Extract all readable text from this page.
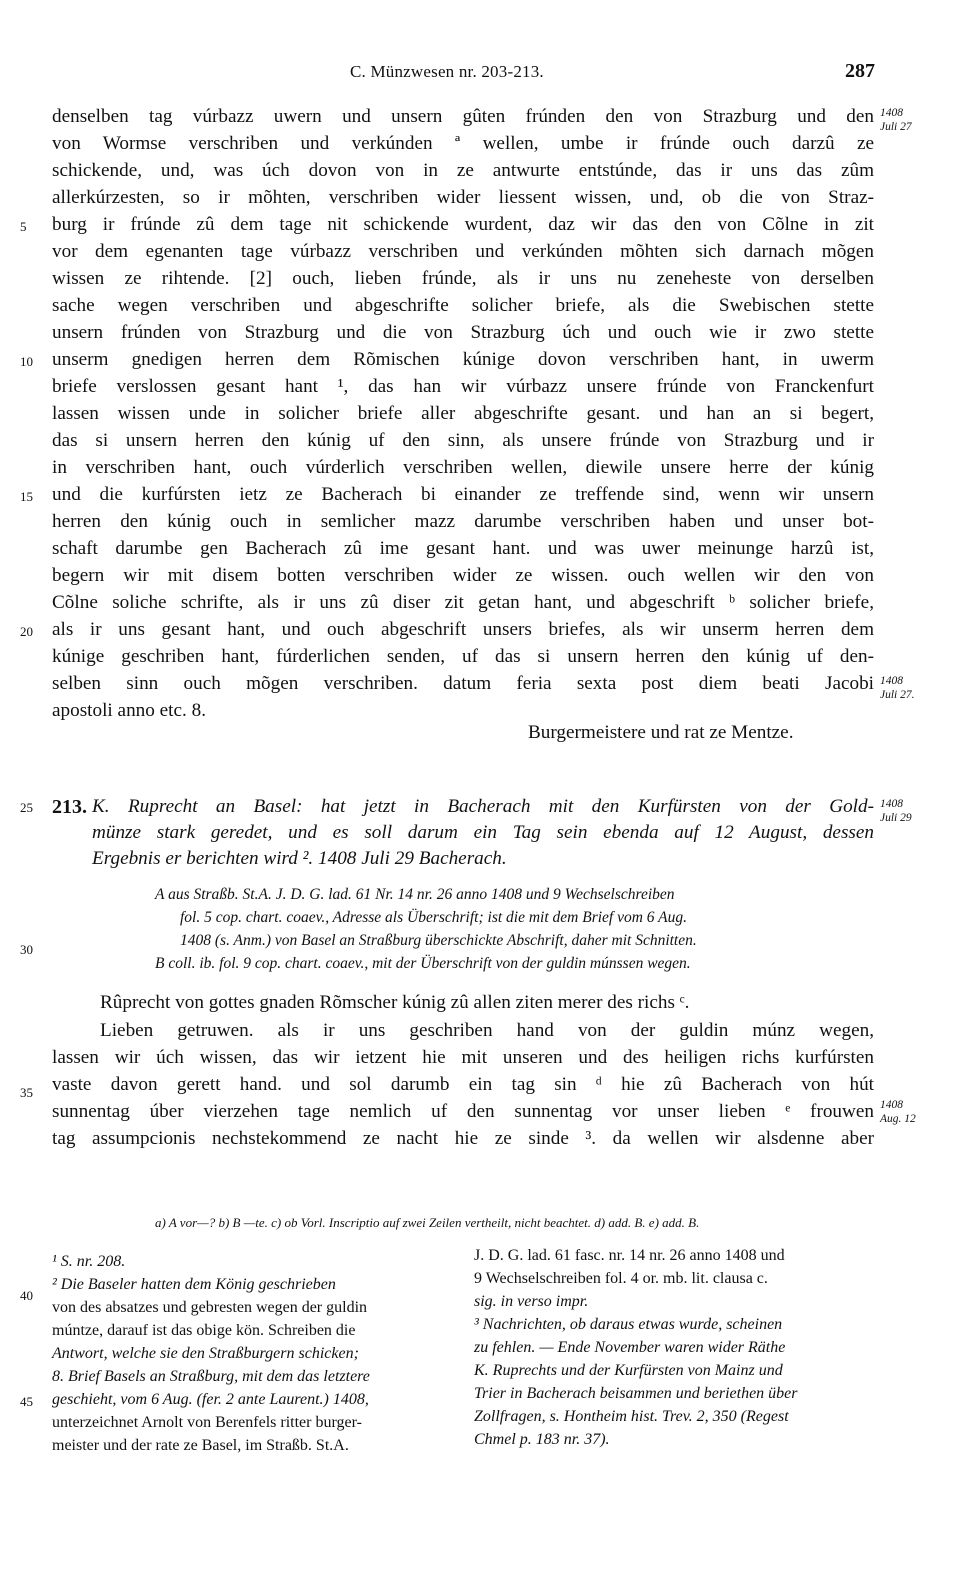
C. Münzwesen nr. 203-213.	287
denselben tag vúrbazz uwern und unsern gûten frúnden den von Strazburg und den
von Wormse verschriben und verkúnden ª wellen, umbe ir frúnde ouch darzû ze
schickende, und, was úch dovon von in ze antwurte entstúnde, das ir uns das zûm
allerkúrzesten, so ir mõhten, verschriben wider liessent wissen, und, ob die von Straz-
burg ir frúnde zû dem tage nit schickende wurdent, daz wir das den von Cõlne in zit
vor dem egenanten tage vúrbazz verschriben und verkúnden mõhten sich darnach mõgen
wissen ze rihtende. [2] ouch, lieben frúnde, als ir uns nu zeneheste von derselben
sache wegen verschriben und abgeschrifte solicher briefe, als die Swebischen stette
unsern frúnden von Strazburg und die von Strazburg úch und ouch wie ir zwo stette
unserm gnedigen herren dem Rõmischen kúnige dovon verschriben hant, in uwerm
briefe verslossen gesant hant ¹, das han wir vúrbazz unsere frúnde von Franckenfurt
lassen wissen unde in solicher briefe aller abgeschrifte gesant. und han an si begert,
das si unsern herren den kúnig uf den sinn, als unsere frúnde von Strazburg und ir
in verschriben hant, ouch vúrderlich verschriben wellen, diewile unsere herre der kúnig
und die kurfúrsten ietz ze Bacherach bi einander ze treffende sind, wenn wir unsern
herren den kúnig ouch in semlicher mazz darumbe verschriben haben und unser bot-
schaft darumbe gen Bacherach zû ime gesant hant. und was uwer meinunge harzû ist,
begern wir mit disem botten verschriben wider ze wissen. ouch wellen wir den von
Cõlne soliche schrifte, als ir uns zû diser zit getan hant, und abgeschrift ᵇ solicher briefe,
als ir uns gesant hant, und ouch abgeschrift unsers briefes, als wir unserm herren dem
kúnige geschriben hant, fúrderlichen senden, uf das si unsern herren den kúnig uf den-
selben sinn ouch mõgen verschriben. datum feria sexta post diem beati Jacobi
apostoli anno etc. 8.
Burgermeistere und rat ze Mentze.
5
10
15
20
25
30
35
40
45
1408
Juli 27
1408
Juli 27.
1408
Juli 29
1408
Aug. 12
213. K. Ruprecht an Basel: hat jetzt in Bacherach mit den Kurfürsten von der Gold-
münze stark geredet, und es soll darum ein Tag sein ebenda auf 12 August, dessen
Ergebnis er berichten wird ². 1408 Juli 29 Bacherach.
A aus Straßb. St.A. J. D. G. lad. 61 Nr. 14 nr. 26 anno 1408 und 9 Wechselschreiben
fol. 5 cop. chart. coaev., Adresse als Überschrift; ist die mit dem Brief vom 6 Aug.
1408 (s. Anm.) von Basel an Straßburg überschickte Abschrift, daher mit Schnitten.
B coll. ib. fol. 9 cop. chart. coaev., mit der Überschrift von der guldin múnssen wegen.
Rûprecht von gottes gnaden Rõmscher kúnig zû allen ziten merer des richs ᶜ.
Lieben getruwen. als ir uns geschriben hand von der guldin múnz wegen,
lassen wir úch wissen, das wir ietzent hie mit unseren und des heiligen richs kurfúrsten
vaste davon gerett hand. und sol darumb ein tag sin ᵈ hie zû Bacherach von hút
sunnentag úber vierzehen tage nemlich uf den sunnentag vor unser lieben ᵉ frouwen
tag assumpcionis nechstekommend ze nacht hie ze sinde ³. da wellen wir alsdenne aber
a) A vor—? b) B —te. c) ob Vorl. Inscriptio auf zwei Zeilen vertheilt, nicht beachtet. d) add. B. e) add. B.
¹ S. nr. 208.
² Die Baseler hatten dem König geschrieben
von des absatzes und gebresten wegen der guldin
múntze, darauf ist das obige kön. Schreiben die
Antwort, welche sie den Straßburgern schicken;
8. Brief Basels an Straßburg, mit dem das letztere
geschieht, vom 6 Aug. (fer. 2 ante Laurent.) 1408,
unterzeichnet Arnolt von Berenfels ritter burger-
meister und der rate ze Basel, im Straßb. St.A.
J. D. G. lad. 61 fasc. nr. 14 nr. 26 anno 1408 und
9 Wechselschreiben fol. 4 or. mb. lit. clausa c.
sig. in verso impr.
³ Nachrichten, ob daraus etwas wurde, scheinen
zu fehlen. — Ende November waren wider Räthe
K. Ruprechts und der Kurfürsten von Mainz und
Trier in Bacherach beisammen und beriethen über
Zollfragen, s. Hontheim hist. Trev. 2, 350 (Regest
Chmel p. 183 nr. 37).
